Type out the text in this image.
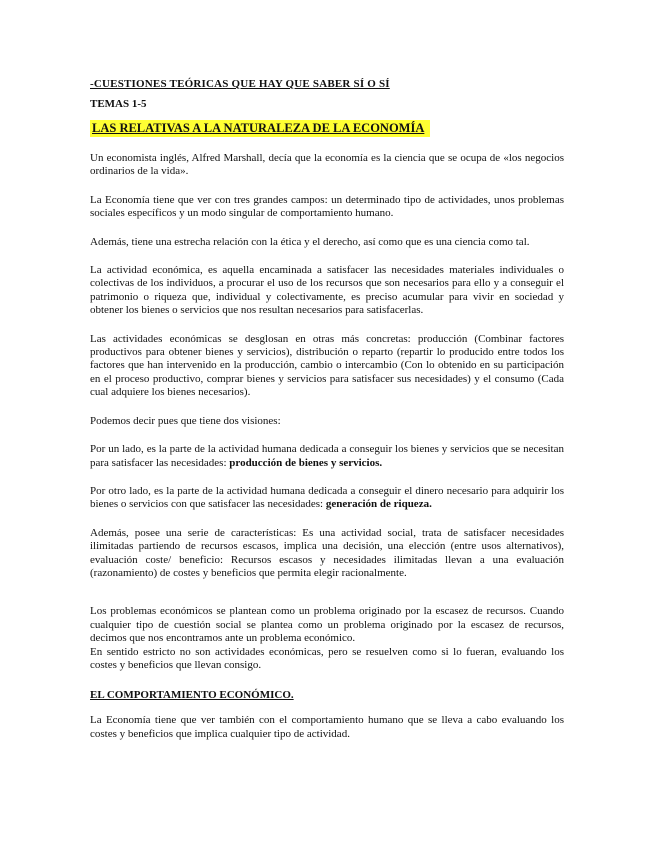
-CUESTIONES TEÓRICAS QUE HAY QUE SABER SÍ O SÍ
TEMAS 1-5
LAS RELATIVAS A LA NATURALEZA DE LA ECONOMÍA

Un economista inglés, Alfred Marshall, decía que la economía es la ciencia que se ocupa de «los negocios ordinarios de la vida».

La Economía tiene que ver con tres grandes campos: un determinado tipo de actividades, unos problemas sociales específicos y un modo singular de comportamiento humano.

Además, tiene una estrecha relación con la ética y el derecho, así como que es una ciencia como tal.

La actividad económica, es aquella encaminada a satisfacer las necesidades materiales individuales o colectivas de los individuos, a procurar el uso de los recursos que son necesarios para ello y a conseguir el patrimonio o riqueza que, individual y colectivamente, es preciso acumular para vivir en sociedad y obtener los bienes o servicios que nos resultan necesarios para satisfacerlas.

Las actividades económicas se desglosan en otras más concretas: producción (Combinar factores productivos para obtener bienes y servicios), distribución o reparto (repartir lo producido entre todos los factores que han intervenido en la producción, cambio o intercambio (Con lo obtenido en su participación en el proceso productivo, comprar bienes y servicios para satisfacer sus necesidades) y el consumo (Cada cual adquiere los bienes necesarios).

Podemos decir pues que tiene dos visiones:

Por un lado, es la parte de la actividad humana dedicada a conseguir los bienes y servicios que se necesitan para satisfacer las necesidades: producción de bienes y servicios.

Por otro lado, es la parte de la actividad humana dedicada a conseguir el dinero necesario para adquirir los bienes o servicios con que satisfacer las necesidades: generación de riqueza.

Además, posee una serie de características: Es una actividad social, trata de satisfacer necesidades ilimitadas partiendo de recursos escasos, implica una decisión, una elección (entre usos alternativos), evaluación coste/ beneficio: Recursos escasos y necesidades ilimitadas llevan a una evaluación (razonamiento) de costes y beneficios que permita elegir racionalmente.

Los problemas económicos se plantean como un problema originado por la escasez de recursos. Cuando cualquier tipo de cuestión social se plantea como un problema originado por la escasez de recursos, decimos que nos encontramos ante un problema económico.

En sentido estricto no son actividades económicas, pero se resuelven como si lo fueran, evaluando los costes y beneficios que llevan consigo.

EL COMPORTAMIENTO ECONÓMICO.

La Economía tiene que ver también con el comportamiento humano que se lleva a cabo evaluando los costes y beneficios que implica cualquier tipo de actividad.
